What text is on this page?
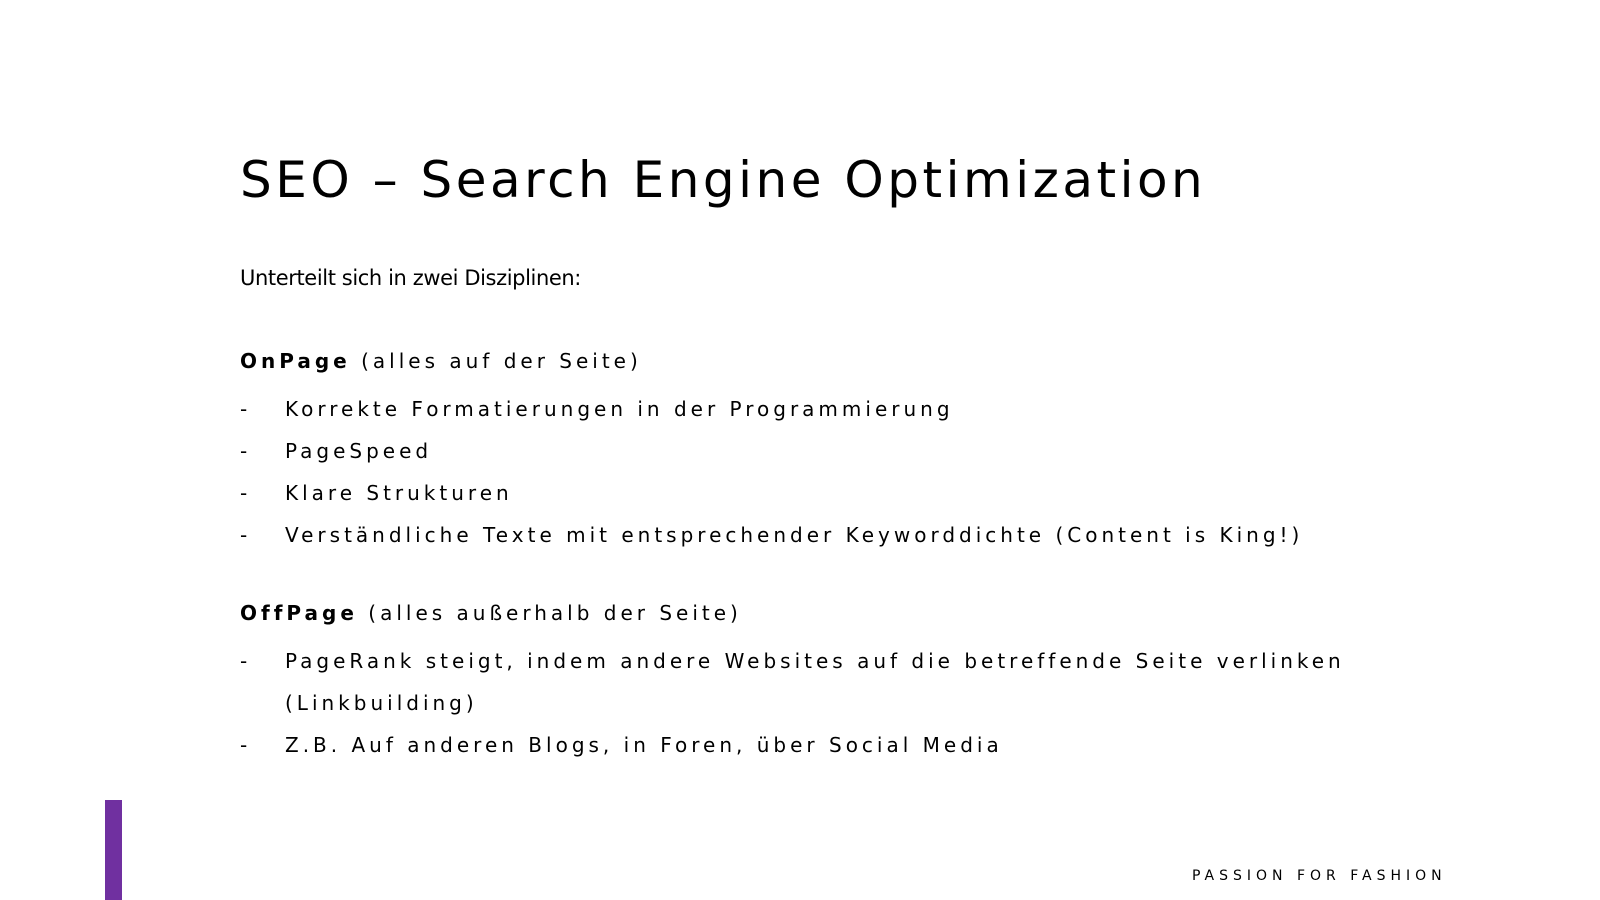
SEO – Search Engine Optimization

Unterteilt sich in zwei Disziplinen:

OnPage (alles auf der Seite)
- Korrekte Formatierungen in der Programmierung
- PageSpeed
- Klare Strukturen
- Verständliche Texte mit entsprechender Keyworddichte (Content is King!)
OffPage (alles außerhalb der Seite)
- PageRank steigt, indem andere Websites auf die betreffende Seite verlinken
(Linkbuilding)
- Z.B. Auf anderen Blogs, in Foren, über Social Media
PASSION FOR FASHION
